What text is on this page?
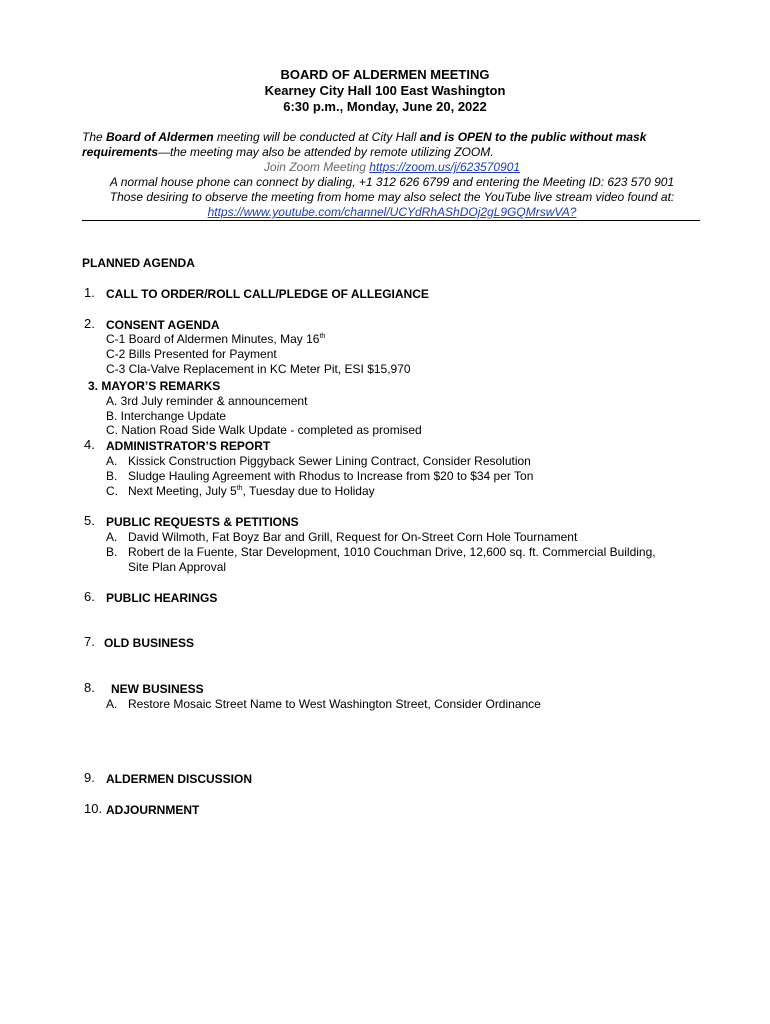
BOARD OF ALDERMEN MEETING
Kearney City Hall 100 East Washington
6:30 p.m., Monday, June 20, 2022
The Board of Aldermen meeting will be conducted at City Hall and is OPEN to the public without mask
requirements—the meeting may also be attended by remote utilizing ZOOM.
Join Zoom Meeting https://zoom.us/j/623570901
A normal house phone can connect by dialing, +1 312 626 6799 and entering the Meeting ID: 623 570 901
Those desiring to observe the meeting from home may also select the YouTube live stream video found at:
https://www.youtube.com/channel/UCYdRhAShDOj2gL9GQMrswVA?
PLANNED AGENDA
1. CALL TO ORDER/ROLL CALL/PLEDGE OF ALLEGIANCE
2. CONSENT AGENDA
C-1 Board of Aldermen Minutes, May 16th
C-2 Bills Presented for Payment
C-3 Cla-Valve Replacement in KC Meter Pit, ESI $15,970
3. MAYOR’S REMARKS
A. 3rd July reminder & announcement
B. Interchange Update
C. Nation Road Side Walk Update - completed as promised
4. ADMINISTRATOR’S REPORT
A. Kissick Construction Piggyback Sewer Lining Contract, Consider Resolution
B. Sludge Hauling Agreement with Rhodus to Increase from $20 to $34 per Ton
C. Next Meeting, July 5th, Tuesday due to Holiday
5. PUBLIC REQUESTS & PETITIONS
A. David Wilmoth, Fat Boyz Bar and Grill, Request for On-Street Corn Hole Tournament
B. Robert de la Fuente, Star Development, 1010 Couchman Drive, 12,600 sq. ft. Commercial Building,
Site Plan Approval
6. PUBLIC HEARINGS
7. OLD BUSINESS
8. NEW BUSINESS
A. Restore Mosaic Street Name to West Washington Street, Consider Ordinance
9. ALDERMEN DISCUSSION
10. ADJOURNMENT
